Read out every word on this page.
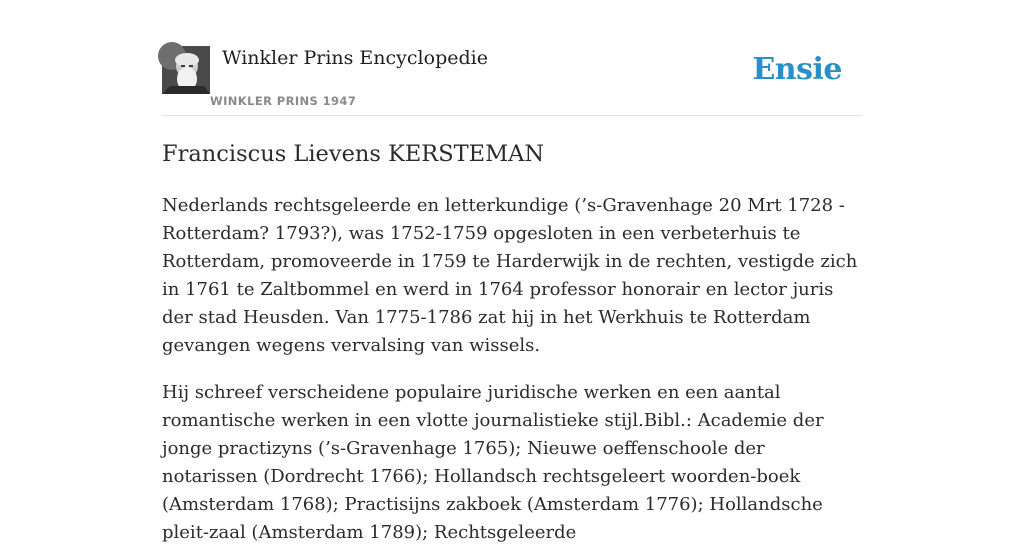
Winkler Prins Encyclopedie
WINKLER PRINS 1947
Ensie
Franciscus Lievens KERSTEMAN

Nederlands rechtsgeleerde en letterkundige (’s-Gravenhage 20 Mrt 1728 - Rotterdam? 1793?), was 1752-1759 opgesloten in een verbeterhuis te Rotterdam, promoveerde in 1759 te Harderwijk in de rechten, vestigde zich in 1761 te Zaltbommel en werd in 1764 professor honorair en lector juris der stad Heusden. Van 1775-1786 zat hij in het Werkhuis te Rotterdam gevangen wegens vervalsing van wissels.

Hij schreef verscheidene populaire juridische werken en een aantal romantische werken in een vlotte journalistieke stijl.Bibl.: Academie der jonge practizyns (’s-Gravenhage 1765); Nieuwe oeffenschoole der notarissen (Dordrecht 1766); Hollandsch rechtsgeleert woorden-boek (Amsterdam 1768); Practisijns zakboek (Amsterdam 1776); Hollandsche pleit-zaal (Amsterdam 1789); Rechtsgeleerde
